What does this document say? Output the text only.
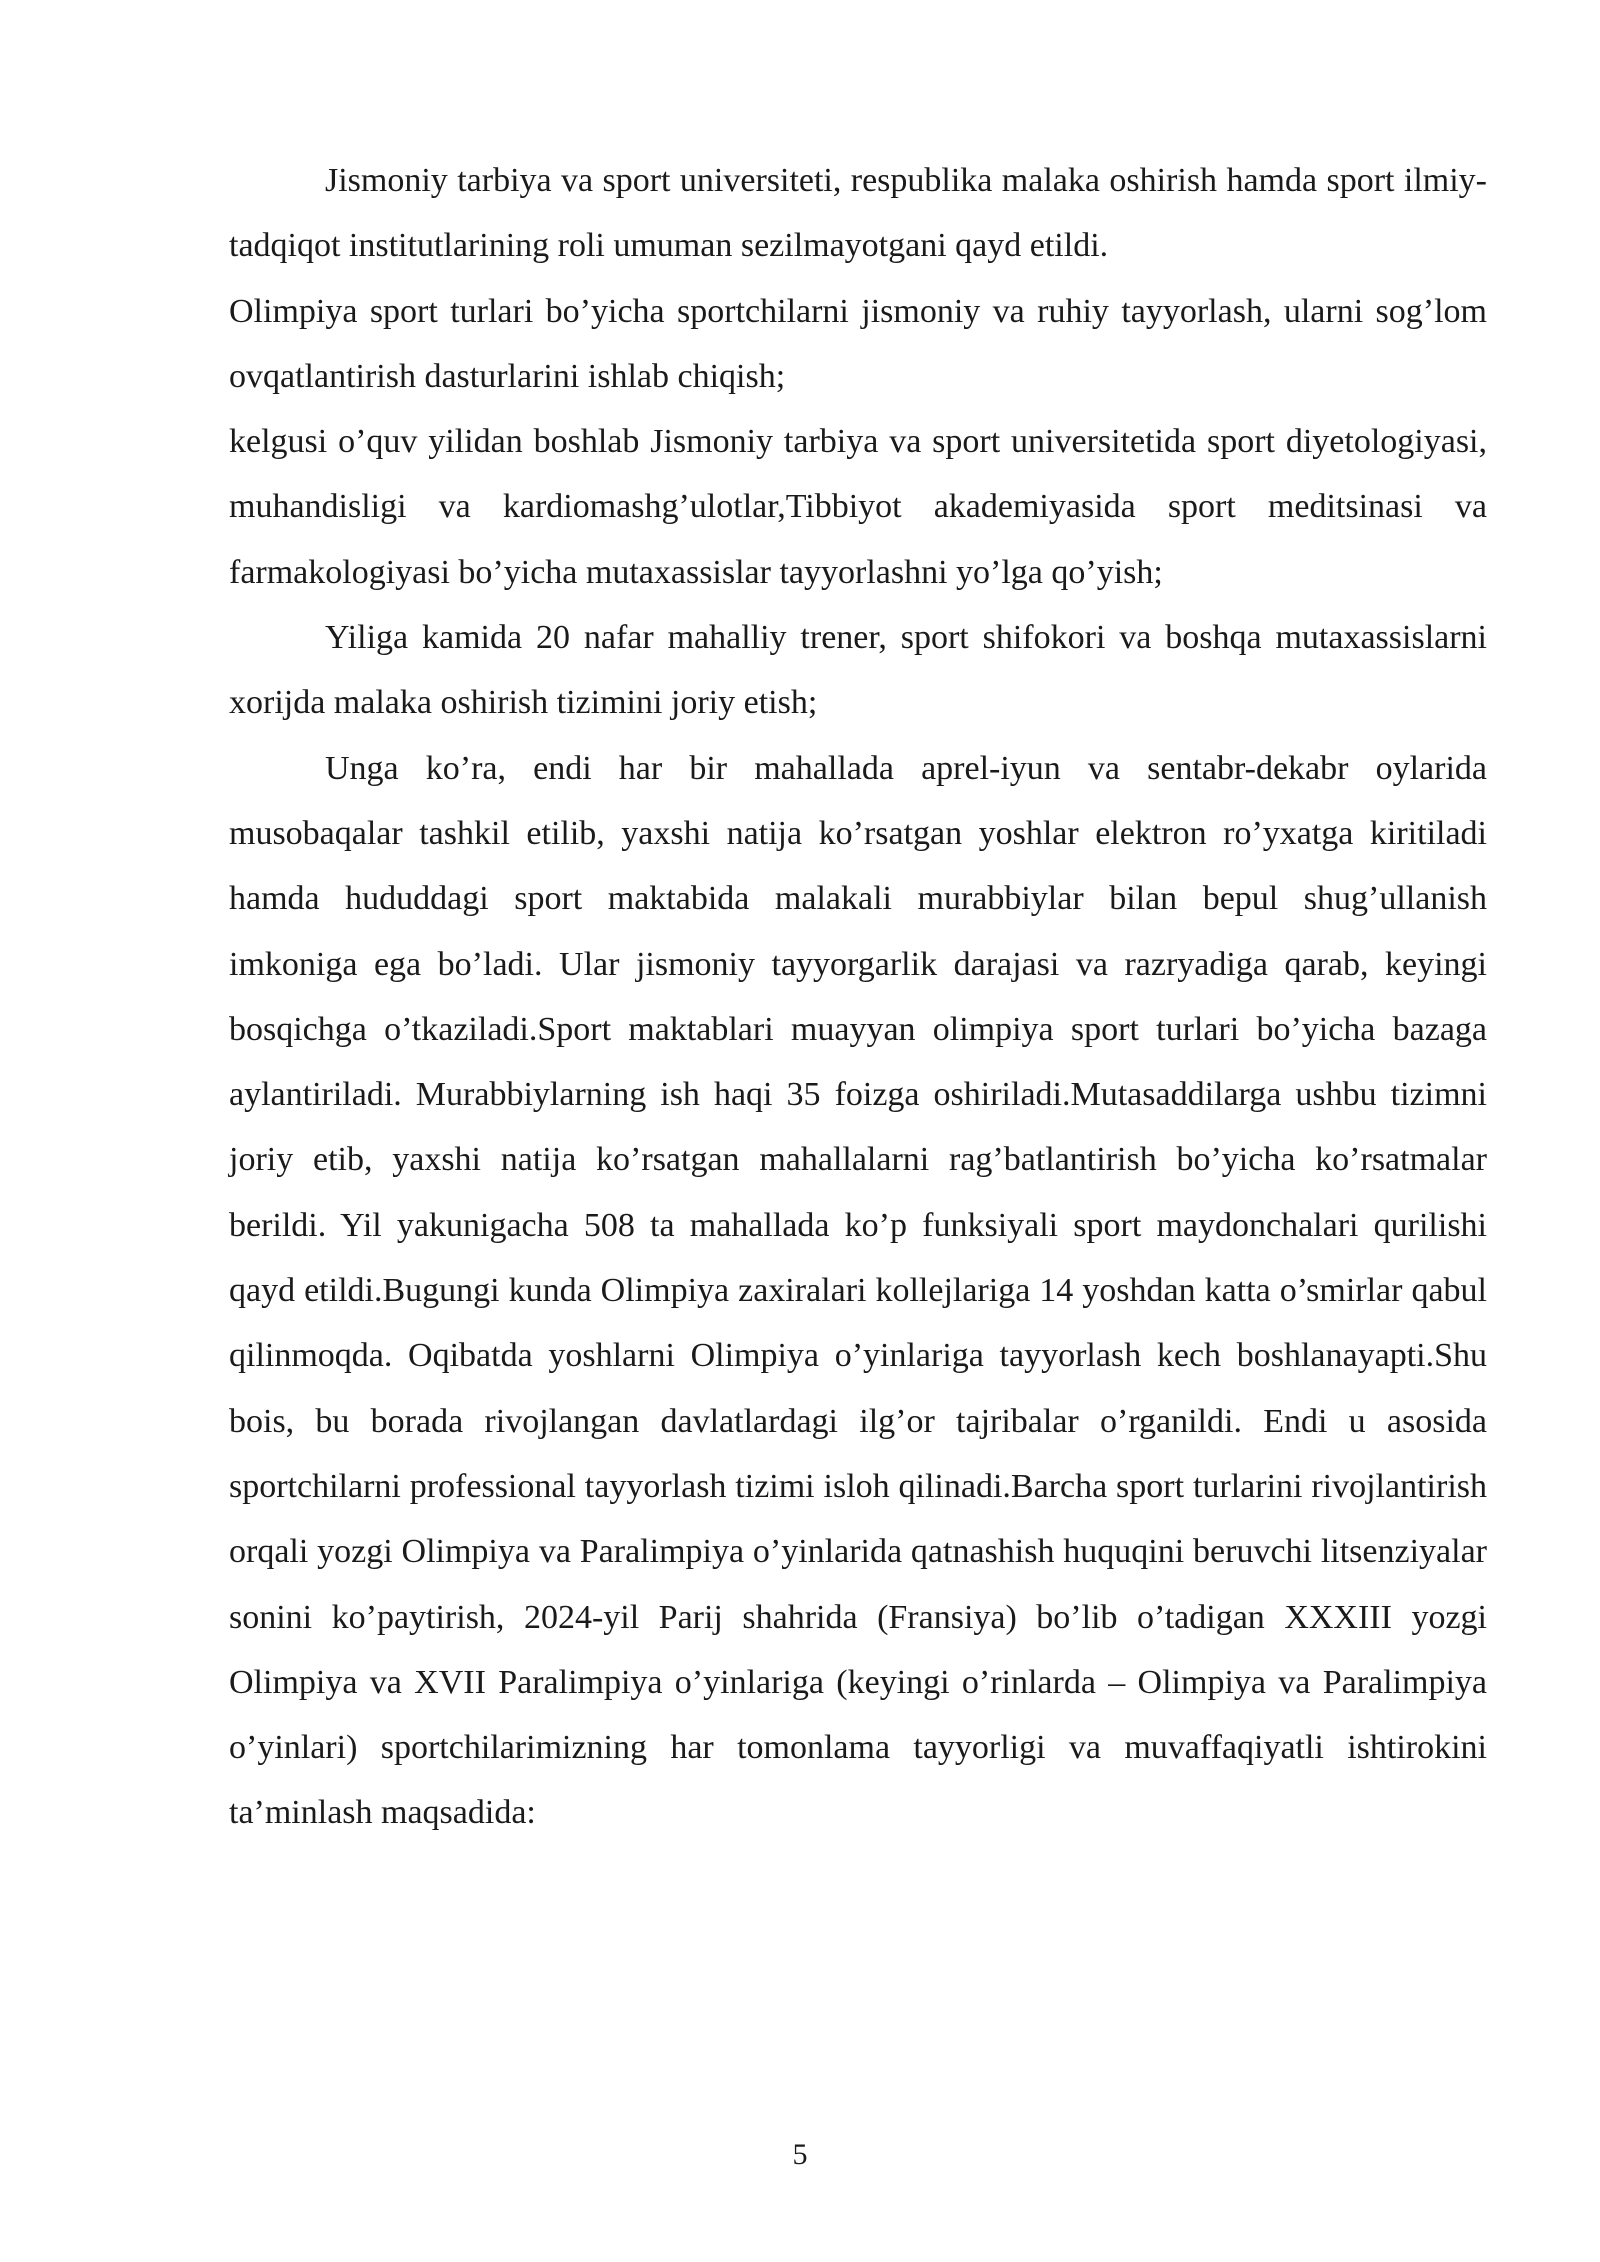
Jismoniy tarbiya va sport universiteti, respublika malaka oshirish hamda sport ilmiy-tadqiqot institutlarining roli umuman sezilmayotgani qayd etildi.

Olimpiya sport turlari bo’yicha sportchilarni jismoniy va ruhiy tayyorlash, ularni sog’lom ovqatlantirish dasturlarini ishlab chiqish;

kelgusi o’quv yilidan boshlab Jismoniy tarbiya va sport universitetida sport diyetologiyasi, muhandisligi va kardiomashg’ulotlar,Tibbiyot akademiyasida sport meditsinasi va farmakologiyasi bo’yicha mutaxassislar tayyorlashni yo’lga qo’yish;

Yiliga kamida 20 nafar mahalliy trener, sport shifokori va boshqa mutaxassislarni xorijda malaka oshirish tizimini joriy etish;

Unga ko’ra, endi har bir mahallada aprel-iyun va sentabr-dekabr oylarida musobaqalar tashkil etilib, yaxshi natija ko’rsatgan yoshlar elektron ro’yxatga kiritiladi hamda hududdagi sport maktabida malakali murabbiylar bilan bepul shug’ullanish imkoniga ega bo’ladi. Ular jismoniy tayyorgarlik darajasi va razryadiga qarab, keyingi bosqichga o’tkaziladi.Sport maktablari muayyan olimpiya sport turlari bo’yicha bazaga aylantiriladi. Murabbiylarning ish haqi 35 foizga oshiriladi.Mutasaddilarga ushbu tizimni joriy etib, yaxshi natija ko’rsatgan mahallalarni rag’batlantirish bo’yicha ko’rsatmalar berildi. Yil yakunigacha 508 ta mahallada ko’p funksiyali sport maydonchalari qurilishi qayd etildi.Bugungi kunda Olimpiya zaxiralari kollejlariga 14 yoshdan katta o’smirlar qabul qilinmoqda. Oqibatda yoshlarni Olimpiya o’yinlariga tayyorlash kech boshlanayapti.Shu bois, bu borada rivojlangan davlatlardagi ilg’or tajribalar o’rganildi. Endi u asosida sportchilarni professional tayyorlash tizimi isloh qilinadi.Barcha sport turlarini rivojlantirish orqali yozgi Olimpiya va Paralimpiya o’yinlarida qatnashish huquqini beruvchi litsenziyalar sonini ko’paytirish, 2024-yil Parij shahrida (Fransiya) bo’lib o’tadigan XXXIII yozgi Olimpiya va XVII Paralimpiya o’yinlariga (keyingi o’rinlarda – Olimpiya va Paralimpiya o’yinlari) sportchilarimizning har tomonlama tayyorligi va muvaffaqiyatli ishtirokini ta’minlash maqsadida:

5
